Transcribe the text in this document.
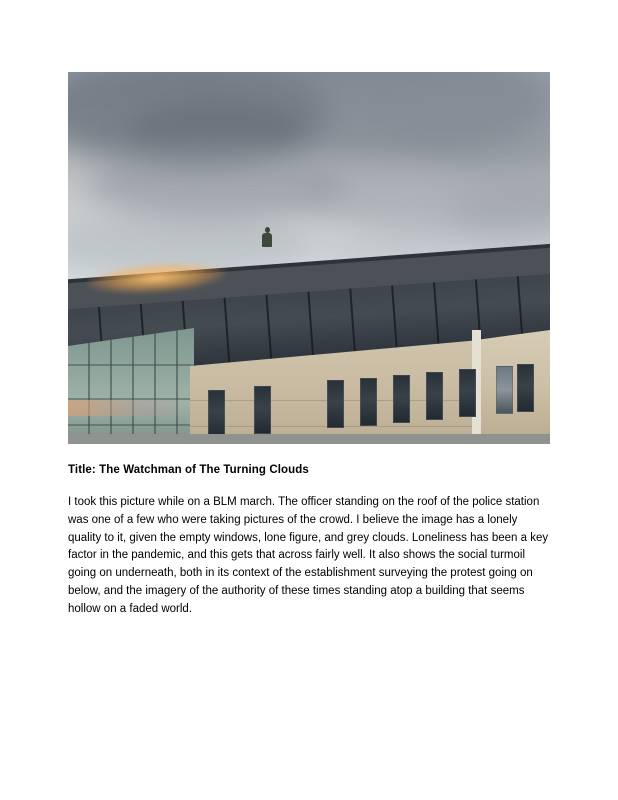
Title: The Watchman of The Turning Clouds

I took this picture while on a BLM march. The officer standing on the roof of the police station was one of a few who were taking pictures of the crowd. I believe the image has a lonely quality to it, given the empty windows, lone figure, and grey clouds. Loneliness has been a key factor in the pandemic, and this gets that across fairly well. It also shows the social turmoil going on underneath, both in its context of the establishment surveying the protest going on below, and the imagery of the authority of these times standing atop a building that seems hollow on a faded world.
